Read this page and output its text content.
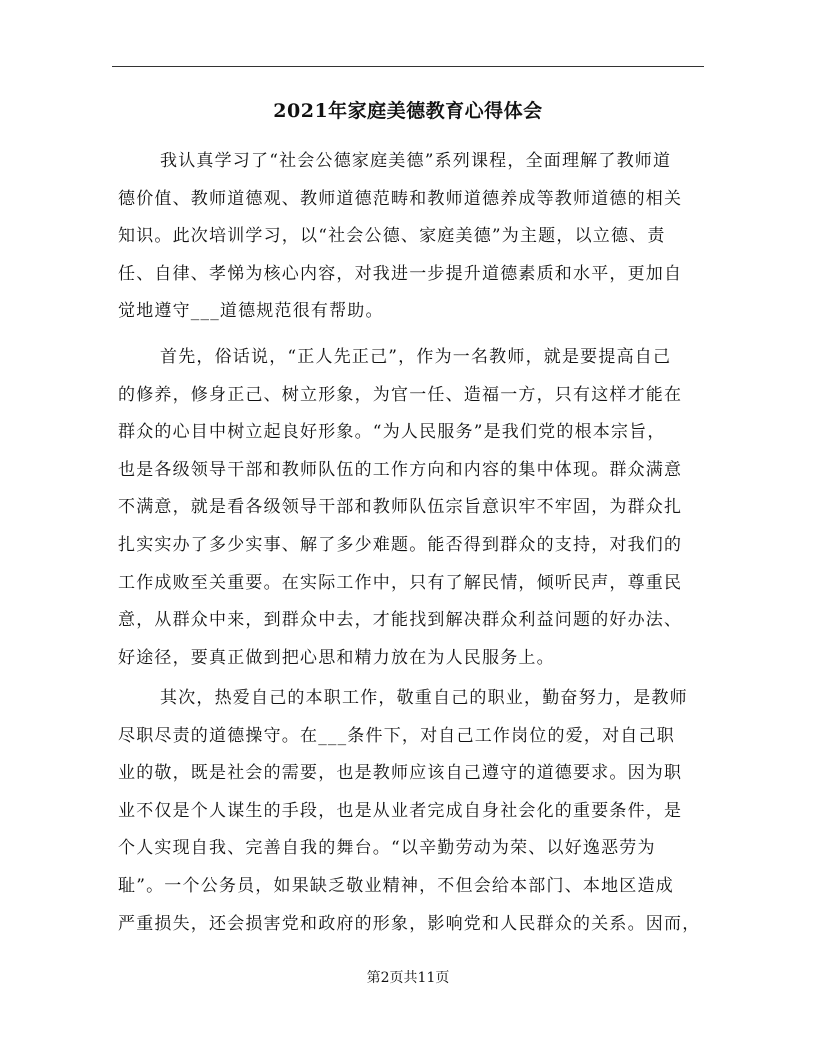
2021年家庭美德教育心得体会
我认真学习了“社会公德家庭美德”系列课程，全面理解了教师道
德价值、教师道德观、教师道德范畴和教师道德养成等教师道德的相关
知识。此次培训学习，以“社会公德、家庭美德”为主题，以立德、责
任、自律、孝悌为核心内容，对我进一步提升道德素质和水平，更加自
觉地遵守___道德规范很有帮助。
首先，俗话说，“正人先正己”，作为一名教师，就是要提高自己
的修养，修身正己、树立形象，为官一任、造福一方，只有这样才能在
群众的心目中树立起良好形象。“为人民服务”是我们党的根本宗旨，
也是各级领导干部和教师队伍的工作方向和内容的集中体现。群众满意
不满意，就是看各级领导干部和教师队伍宗旨意识牢不牢固，为群众扎
扎实实办了多少实事、解了多少难题。能否得到群众的支持，对我们的
工作成败至关重要。在实际工作中，只有了解民情，倾听民声，尊重民
意，从群众中来，到群众中去，才能找到解决群众利益问题的好办法、
好途径，要真正做到把心思和精力放在为人民服务上。
其次，热爱自己的本职工作，敬重自己的职业，勤奋努力，是教师
尽职尽责的道德操守。在___条件下，对自己工作岗位的爱，对自己职
业的敬，既是社会的需要，也是教师应该自己遵守的道德要求。因为职
业不仅是个人谋生的手段，也是从业者完成自身社会化的重要条件，是
个人实现自我、完善自我的舞台。“以辛勤劳动为荣、以好逸恶劳为
耻”。一个公务员，如果缺乏敬业精神，不但会给本部门、本地区造成
严重损失，还会损害党和政府的形象，影响党和人民群众的关系。因而，
第2页共11页
